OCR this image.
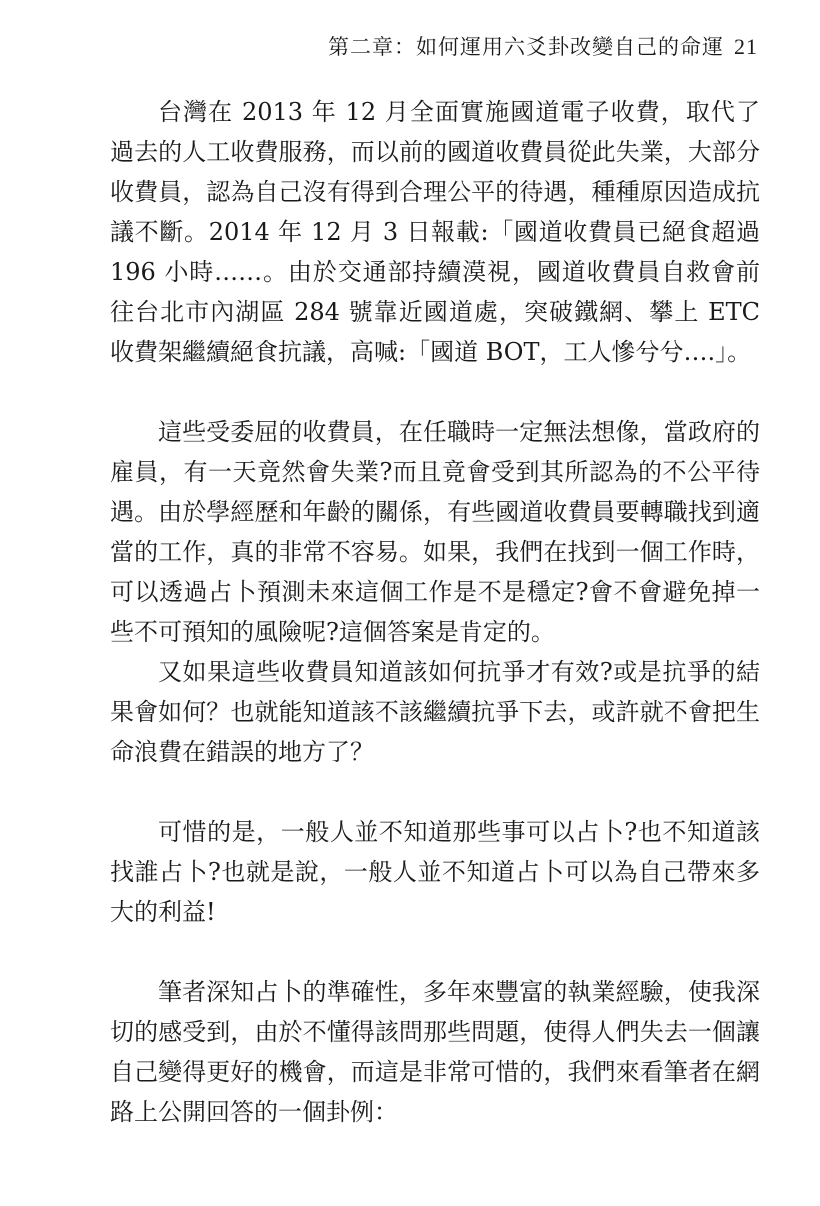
第二章：如何運用六爻卦改變自己的命運 21

台灣在 2013 年 12 月全面實施國道電子收費，取代了過去的人工收費服務，而以前的國道收費員從此失業，大部分收費員，認為自己沒有得到合理公平的待遇，種種原因造成抗議不斷。2014 年 12 月 3 日報載:「國道收費員已絕食超過 196 小時……。由於交通部持續漠視，國道收費員自救會前往台北市內湖區 284 號靠近國道處，突破鐵網、攀上 ETC 收費架繼續絕食抗議，高喊:「國道 BOT，工人慘兮兮….」。

這些受委屈的收費員，在任職時一定無法想像，當政府的雇員，有一天竟然會失業?而且竟會受到其所認為的不公平待遇。由於學經歷和年齡的關係，有些國道收費員要轉職找到適當的工作，真的非常不容易。如果，我們在找到一個工作時，可以透過占卜預測未來這個工作是不是穩定?會不會避免掉一些不可預知的風險呢?這個答案是肯定的。

又如果這些收費員知道該如何抗爭才有效?或是抗爭的結果會如何？也就能知道該不該繼續抗爭下去，或許就不會把生命浪費在錯誤的地方了？

可惜的是，一般人並不知道那些事可以占卜?也不知道該找誰占卜?也就是說，一般人並不知道占卜可以為自己帶來多大的利益!

筆者深知占卜的準確性，多年來豐富的執業經驗，使我深切的感受到，由於不懂得該問那些問題，使得人們失去一個讓自己變得更好的機會，而這是非常可惜的，我們來看筆者在網路上公開回答的一個卦例：
